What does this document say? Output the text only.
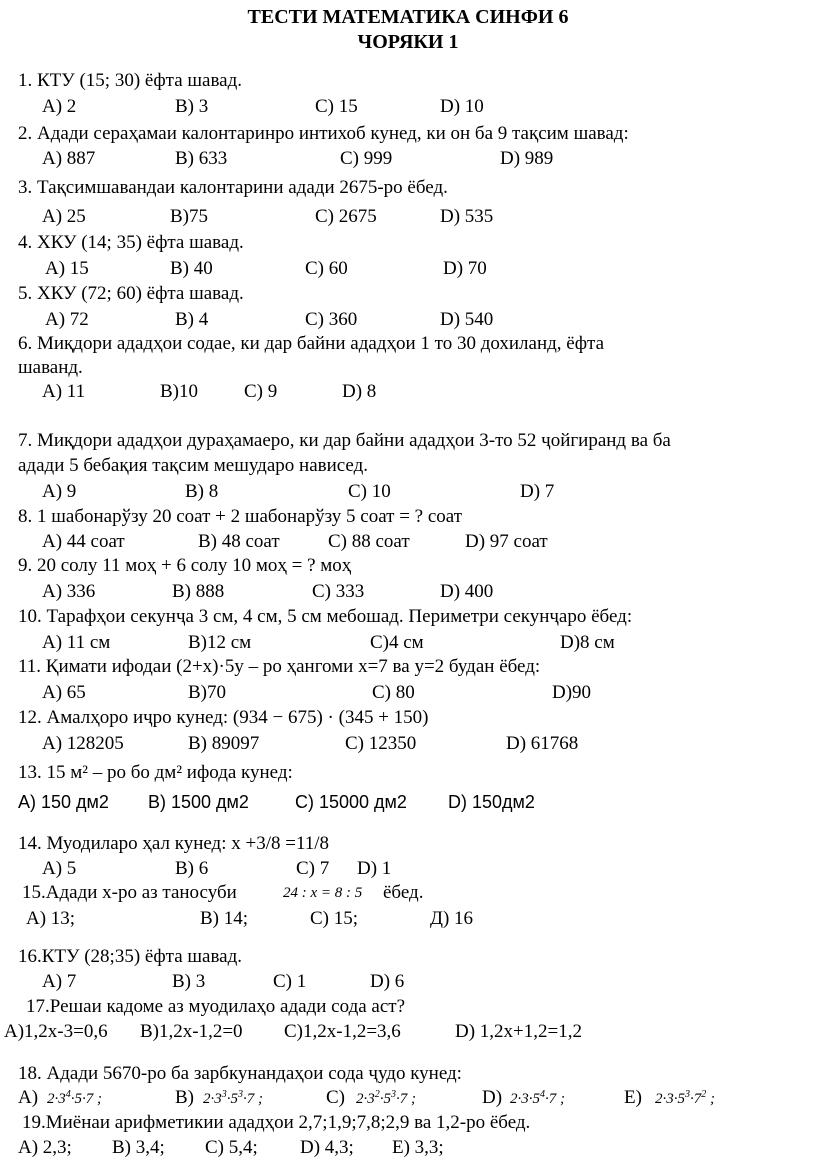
ТЕСТИ МАТЕМАТИКА СИНФИ 6
ЧОРЯКИ 1
1. КТУ (15; 30) ёфта шавад.
A) 2	B) 3	C) 15	D) 10
2. Адади сераҳамаи калонтаринро интихоб кунед, ки он ба 9 тақсим шавад:
A) 887	B) 633	C) 999	D) 989
3. Тақсимшавандаи калонтарини адади 2675-ро ёбед.
A) 25	B)75	C) 2675	D) 535
4. ХКУ (14; 35) ёфта шавад.
A) 15	B) 40	C) 60	D) 70
5. ХКУ (72; 60) ёфта шавад.
A) 72	B) 4	C) 360	D) 540
6. Миқдори ададҳои содае, ки дар байни ададҳои 1 то 30 дохиланд, ёфта
шаванд.
A) 11	B)10 C) 9	D) 8
7. Миқдори ададҳои дураҳамаеро, ки дар байни ададҳои 3-то 52 ҷойгиранд ва ба
адади 5 бебақия тақсим мешударо нависед.
A) 9	B) 8	C) 10	D) 7
8. 1 шабонарўзу 20 соат + 2 шабонарўзу 5 соат = ? соат
A) 44 соат	B) 48 соат	C) 88 соат	D) 97 соат
9. 20 солу 11 моҳ + 6 солу 10 моҳ = ? моҳ
A) 336	B) 888	C) 333	D) 400
10. Тарафҳои секунҷа 3 см, 4 см, 5 см мебошад. Периметри секунҷаро ёбед:
A) 11 см	B)12 см	C)4 см	D)8 см
11. Қимати ифодаи (2+x)·5y – ро ҳангоми x=7 ва y=2 будан ёбед:
A) 65	B)70	C) 80	D)90
12. Амалҳоро иҷро кунед: (934 − 675) · (345 + 150)
A) 128205	B) 89097	C) 12350	D) 61768
13. 15 м² – ро бо дм² ифода кунед:
A) 150 дм2 B) 1500 дм2	C) 15000 дм2 D) 150дм2
14. Муодиларо ҳал кунед: x +3/8 =11/8
A) 5	B) 6	C) 7 D) 1
15.Адади x-ро аз таносуби	24 : x = 8 : 5 ёбед.
A) 13;	B) 14;	C) 15;	Д) 16
16.КТУ (28;35) ёфта шавад.
A) 7	B) 3	C) 1	D) 6
17.Решаи кадоме аз муодилаҳо адади сода аст?
A)1,2x-3=0,6 B)1,2x-1,2=0 C)1,2x-1,2=3,6	D) 1,2x+1,2=1,2
18. Адади 5670-ро ба зарбкунандаҳои сода ҷудо кунед:
A) $2\cdot 3^4\cdot 5\cdot 7$ ;	B) $2\cdot 3^3\cdot 5^3\cdot 7$ ;	C) $2\cdot 3^2\cdot 5^3\cdot 7$ ;	D) $2\cdot 3\cdot 5^4\cdot 7$ ;	E) $2\cdot 3\cdot 5^3\cdot 7^2$ ;
19.Миёнаи арифметикии ададҳои 2,7;1,9;7,8;2,9 ва 1,2-ро ёбед.
A) 2,3; B) 3,4; C) 5,4; D) 4,3; E) 3,3;
